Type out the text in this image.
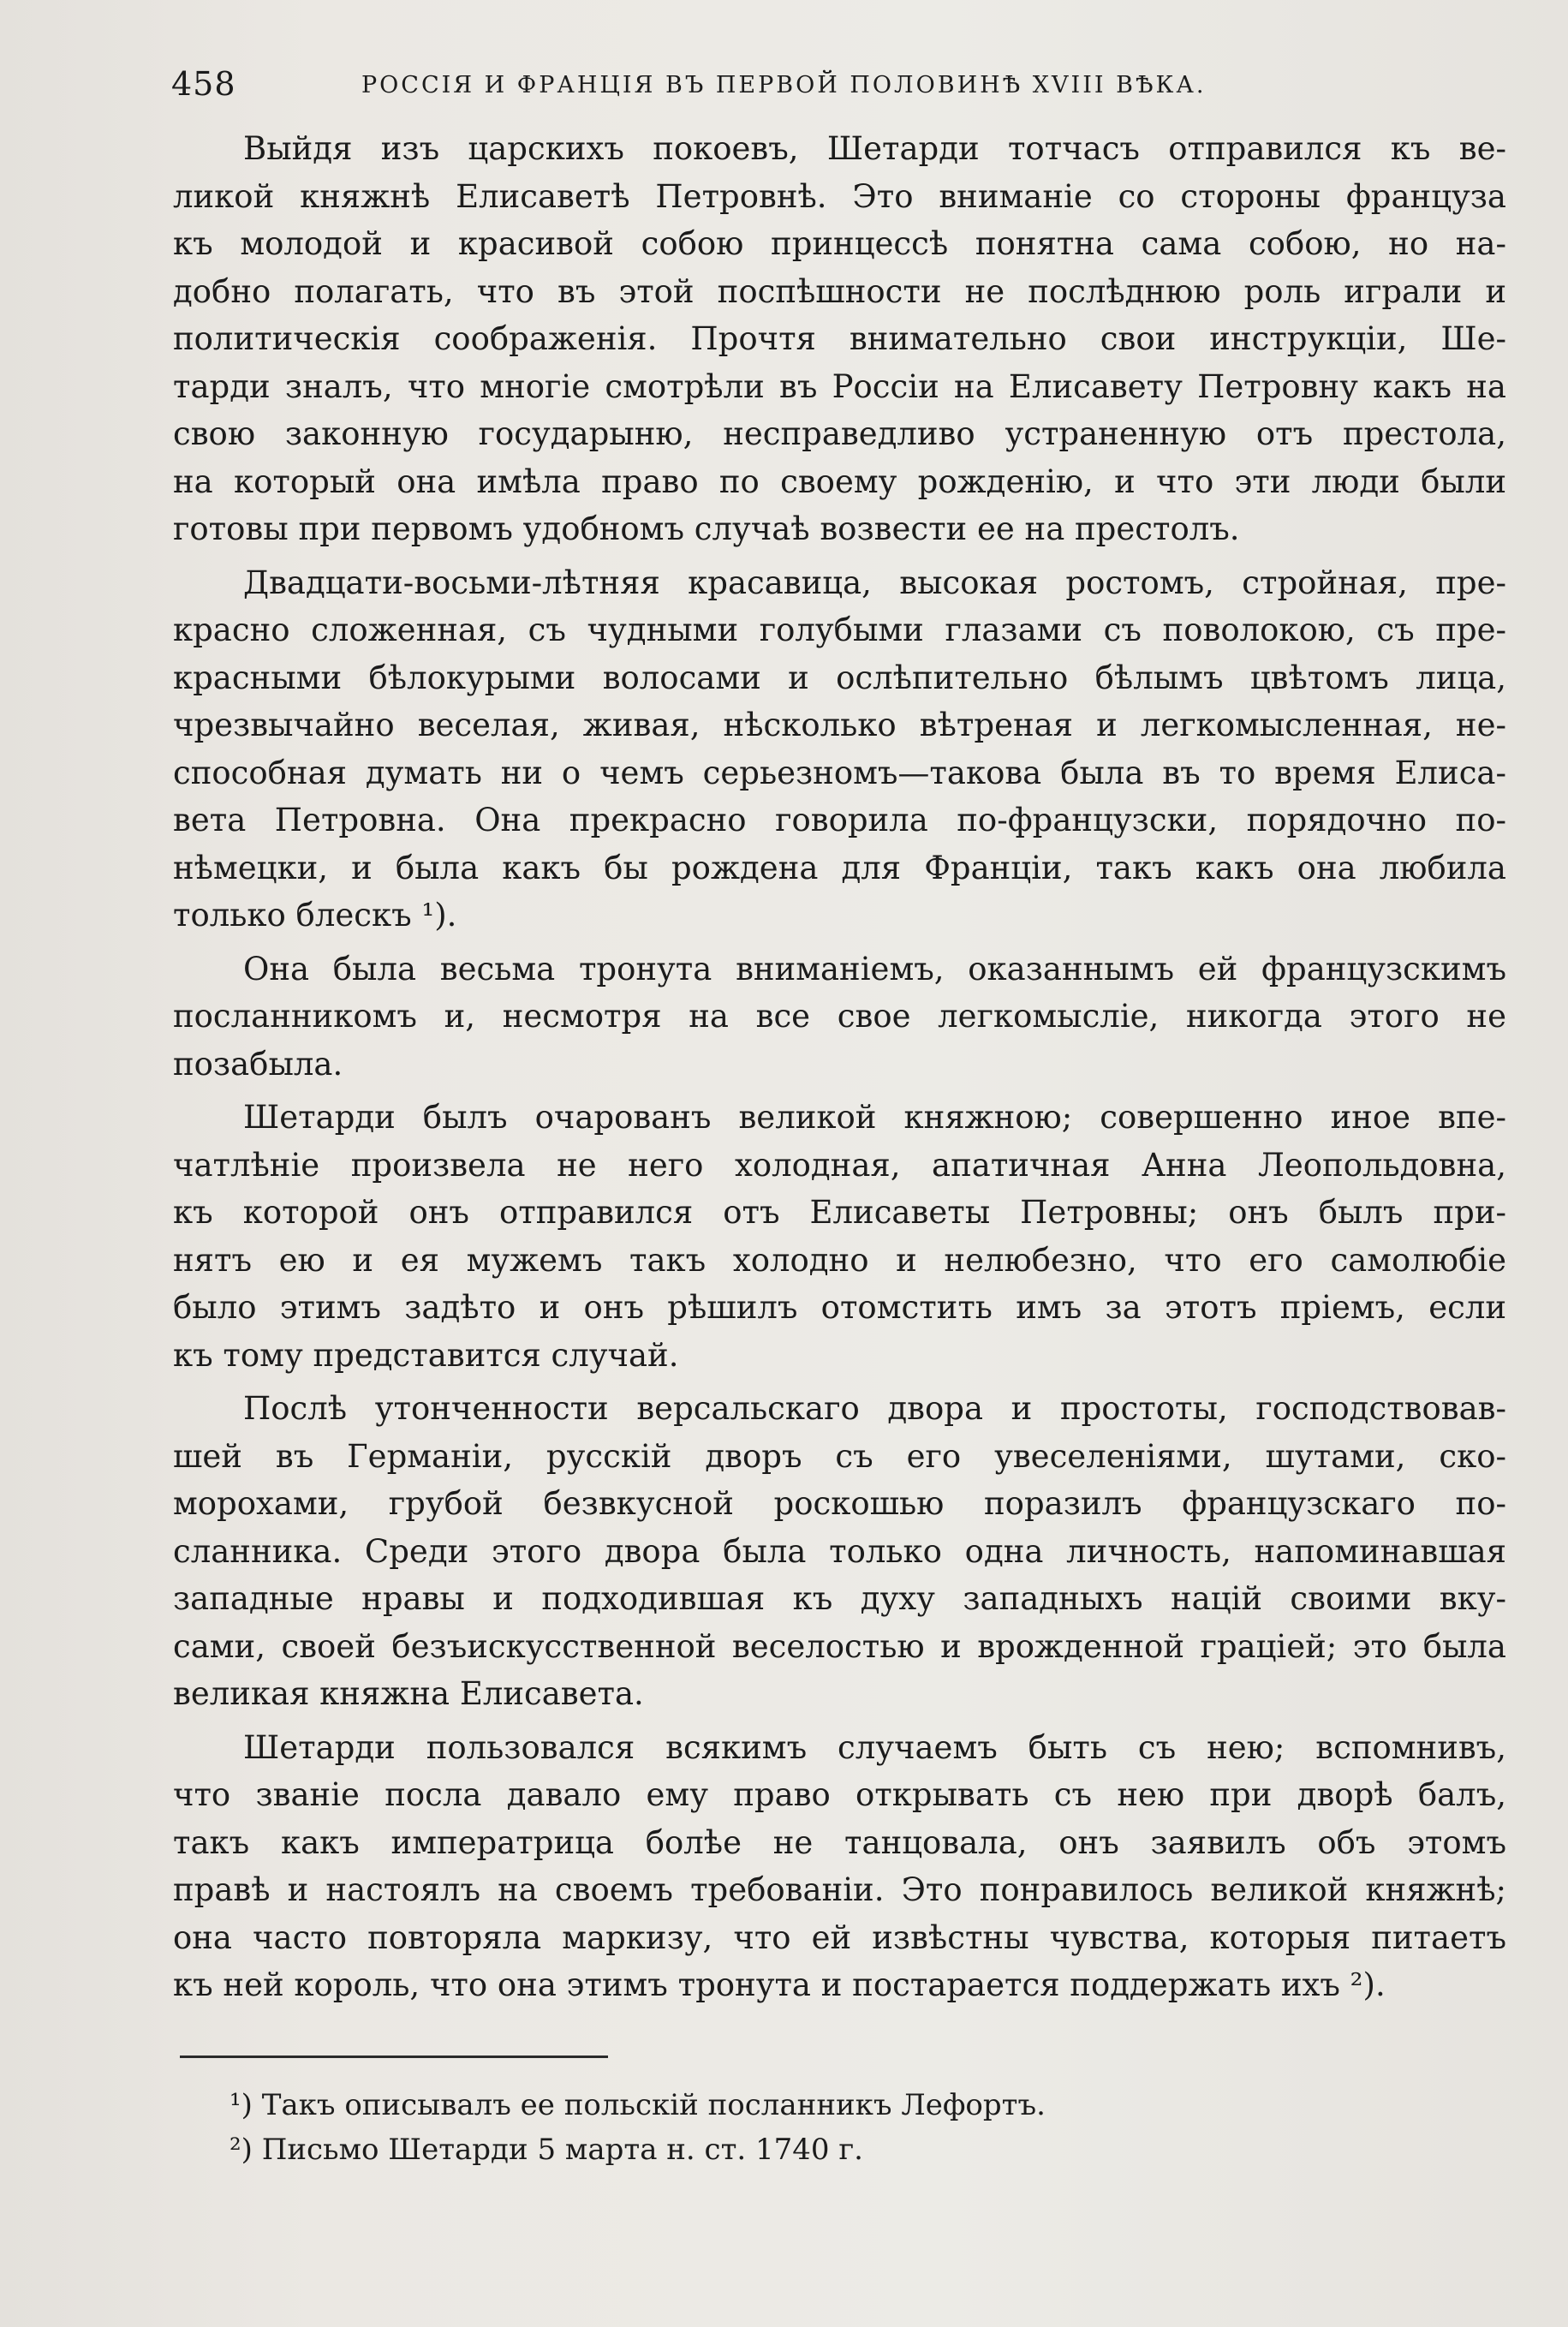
458	РОССІЯ И ФРАНЦІЯ ВЪ ПЕРВОЙ ПОЛОВИНѢ XVIII ВѢКА.
Выйдя изъ царскихъ покоевъ, Шетарди тотчасъ отправился къ ве-
ликой княжнѣ Елисаветѣ Петровнѣ. Это вниманіе со стороны француза
къ молодой и красивой собою принцессѣ понятна сама собою, но на-
добно полагать, что въ этой поспѣшности не послѣднюю роль играли и
политическія соображенія. Прочтя внимательно свои инструкціи, Ше-
тарди зналъ, что многіе смотрѣли въ Россіи на Елисавету Петровну какъ на
свою законную государыню, несправедливо устраненную отъ престола,
на который она имѣла право по своему рожденію, и что эти люди были
готовы при первомъ удобномъ случаѣ возвести ее на престолъ.
Двадцати-восьми-лѣтняя красавица, высокая ростомъ, стройная, пре-
красно сложенная, съ чудными голубыми глазами съ поволокою, съ пре-
красными бѣлокурыми волосами и ослѣпительно бѣлымъ цвѣтомъ лица,
чрезвычайно веселая, живая, нѣсколько вѣтреная и легкомысленная, не-
способная думать ни о чемъ серьезномъ—такова была въ то время Елиса-
вета Петровна. Она прекрасно говорила по-французски, порядочно по-
нѣмецки, и была какъ бы рождена для Франціи, такъ какъ она любила
только блескъ ¹).
Она была весьма тронута вниманіемъ, оказаннымъ ей французскимъ
посланникомъ и, несмотря на все свое легкомысліе, никогда этого не
позабыла.
Шетарди былъ очарованъ великой княжною; совершенно иное впе-
чатлѣніе произвела не него холодная, апатичная Анна Леопольдовна,
къ которой онъ отправился отъ Елисаветы Петровны; онъ былъ при-
нятъ ею и ея мужемъ такъ холодно и нелюбезно, что его самолюбіе
было этимъ задѣто и онъ рѣшилъ отомстить имъ за этотъ пріемъ, если
къ тому представится случай.
Послѣ утонченности версальскаго двора и простоты, господствовав-
шей въ Германіи, русскій дворъ съ его увеселеніями, шутами, ско-
морохами, грубой безвкусной роскошью поразилъ французскаго по-
сланника. Среди этого двора была только одна личность, напоминавшая
западные нравы и подходившая къ духу западныхъ націй своими вку-
сами, своей безъискусственной веселостью и врожденной граціей; это была
великая княжна Елисавета.
Шетарди пользовался всякимъ случаемъ быть съ нею; вспомнивъ,
что званіе посла давало ему право открывать съ нею при дворѣ балъ,
такъ какъ императрица болѣе не танцовала, онъ заявилъ объ этомъ
правѣ и настоялъ на своемъ требованіи. Это понравилось великой княжнѣ;
она часто повторяла маркизу, что ей извѣстны чувства, которыя питаетъ
къ ней король, что она этимъ тронута и постарается поддержать ихъ ²).
¹) Такъ описывалъ ее польскій посланникъ Лефортъ.
²) Письмо Шетарди 5 марта н. ст. 1740 г.
